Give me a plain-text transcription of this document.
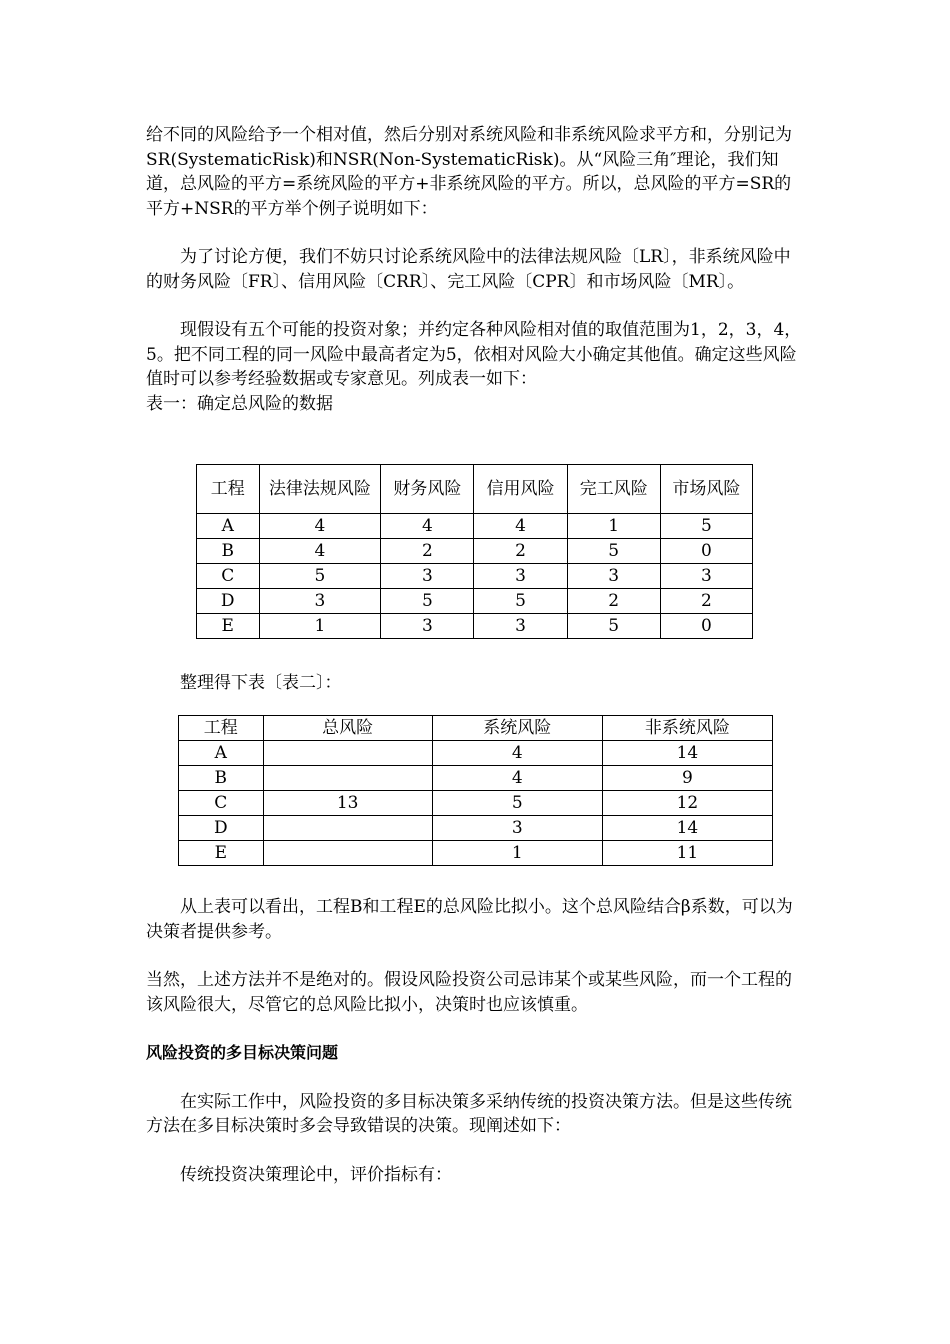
给不同的风险给予一个相对值，然后分别对系统风险和非系统风险求平方和，分别记为SR(SystematicRisk)和NSR(Non-SystematicRisk)。从“风险三角″理论，我们知道，总风险的平方=系统风险的平方+非系统风险的平方。所以，总风险的平方=SR的平方+NSR的平方举个例子说明如下：

为了讨论方便，我们不妨只讨论系统风险中的法律法规风险〔LR〕，非系统风险中的财务风险〔FR〕、信用风险〔CRR〕、完工风险〔CPR〕和市场风险〔MR〕。

现假设有五个可能的投资对象；并约定各种风险相对值的取值范围为1，2，3，4，5。把不同工程的同一风险中最高者定为5，依相对风险大小确定其他值。确定这些风险值时可以参考经验数据或专家意见。列成表一如下：

表一：确定总风险的数据

工程	法律法规风险	财务风险	信用风险	完工风险	市场风险
A	4	4	4	1	5
B	4	2	2	5	0
C	5	3	3	3	3
D	3	5	5	2	2
E	1	3	3	5	0

整理得下表〔表二〕：

工程	总风险	系统风险	非系统风险
A		4	14
B		4	9
C	13	5	12
D		3	14
E		1	11

从上表可以看出，工程B和工程E的总风险比拟小。这个总风险结合β系数，可以为决策者提供参考。

当然，上述方法并不是绝对的。假设风险投资公司忌讳某个或某些风险，而一个工程的该风险很大，尽管它的总风险比拟小，决策时也应该慎重。

风险投资的多目标决策问题

在实际工作中，风险投资的多目标决策多采纳传统的投资决策方法。但是这些传统方法在多目标决策时多会导致错误的决策。现阐述如下：

传统投资决策理论中，评价指标有：
